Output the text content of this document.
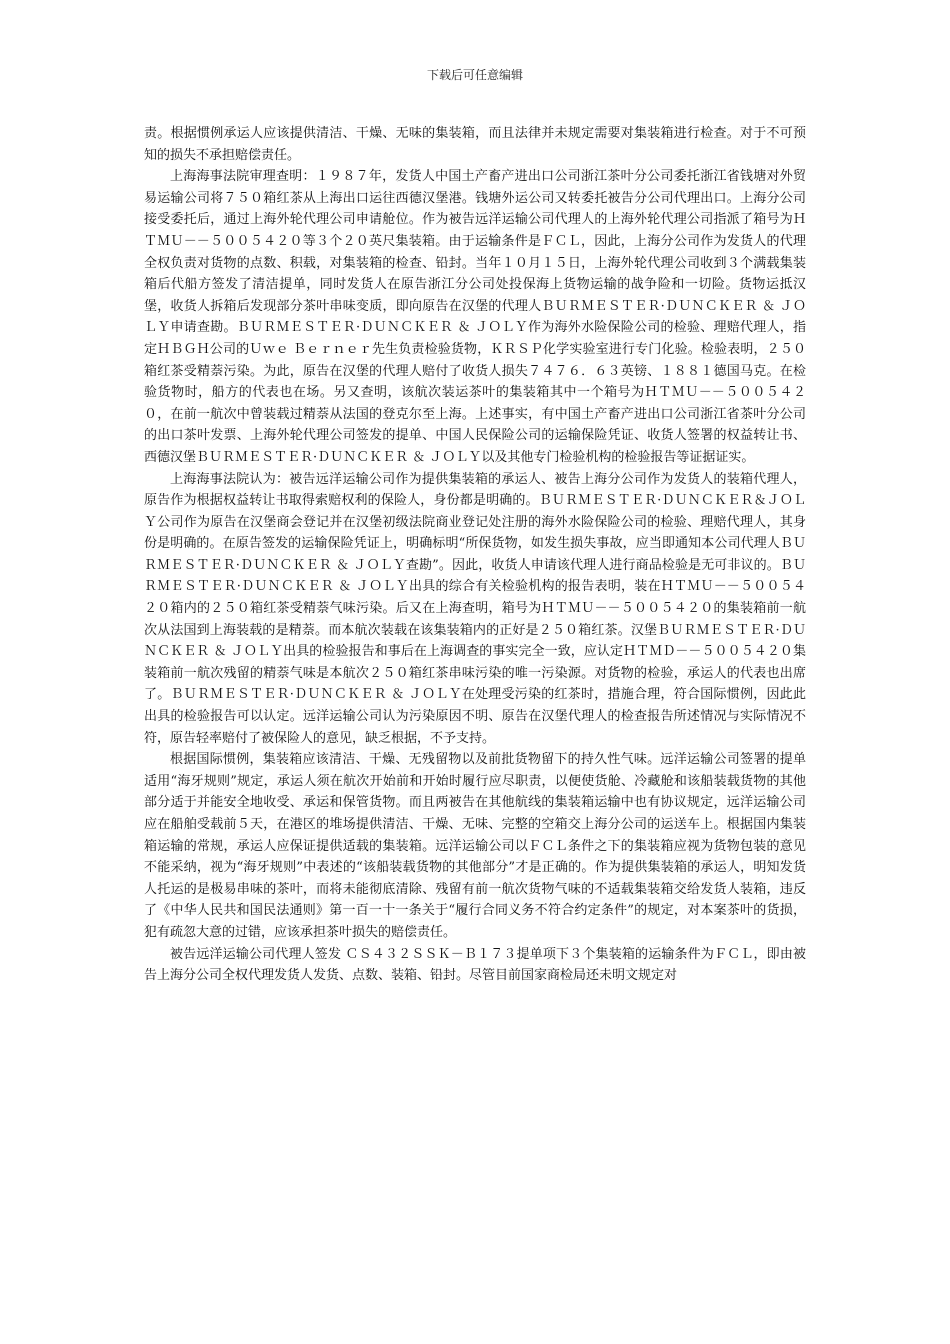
下载后可任意编辑

责。根据惯例承运人应该提供清洁、干燥、无味的集装箱，而且法律并未规定需要对集装箱进行检查。对于不可预知的损失不承担赔偿责任。

上海海事法院审理查明：１９８７年，发货人中国土产畜产进出口公司浙江茶叶分公司委托浙江省钱塘对外贸易运输公司将７５０箱红茶从上海出口运往西德汉堡港。钱塘外运公司又转委托被告分公司代理出口。上海分公司接受委托后，通过上海外轮代理公司申请舱位。作为被告远洋运输公司代理人的上海外轮代理公司指派了箱号为ＨＴＭＵ－－５００５４２０等３个２０英尺集装箱。由于运输条件是ＦＣＬ，因此，上海分公司作为发货人的代理全权负责对货物的点数、积载，对集装箱的检查、铅封。当年１０月１５日，上海外轮代理公司收到３个满载集装箱后代船方签发了清洁提单，同时发货人在原告浙江分公司处投保海上货物运输的战争险和一切险。货物运抵汉堡，收货人拆箱后发现部分茶叶串味变质，即向原告在汉堡的代理人ＢＵＲＭＥＳＴＥＲ·ＤＵＮＣＫＥＲ ＆ ＪＯＬＹ申请查勘。ＢＵＲＭＥＳＴＥＲ·ＤＵＮＣＫＥＲ ＆ ＪＯＬＹ作为海外水险保险公司的检验、理赔代理人，指定ＨＢＧＨ公司的Ｕｗｅ Ｂｅｒｎｅｒ先生负责检验货物，ＫＲＳＰ化学实验室进行专门化验。检验表明，２５０箱红茶受精萘污染。为此，原告在汉堡的代理人赔付了收货人损失７４７６．６３英镑、１８８１德国马克。在检验货物时，船方的代表也在场。另又查明，该航次装运茶叶的集装箱其中一个箱号为ＨＴＭＵ－－５００５４２０，在前一航次中曾装载过精萘从法国的登克尔至上海。上述事实，有中国土产畜产进出口公司浙江省茶叶分公司的出口茶叶发票、上海外轮代理公司签发的提单、中国人民保险公司的运输保险凭证、收货人签署的权益转让书、西德汉堡ＢＵＲＭＥＳＴＥＲ·ＤＵＮＣＫＥＲ ＆ ＪＯＬＹ以及其他专门检验机构的检验报告等证据证实。

上海海事法院认为：被告远洋运输公司作为提供集装箱的承运人、被告上海分公司作为发货人的装箱代理人，原告作为根据权益转让书取得索赔权利的保险人，身份都是明确的。ＢＵＲＭＥＳＴＥＲ·ＤＵＮＣＫＥＲ＆ＪＯＬＹ公司作为原告在汉堡商会登记并在汉堡初级法院商业登记处注册的海外水险保险公司的检验、理赔代理人，其身份是明确的。在原告签发的运输保险凭证上，明确标明“所保货物，如发生损失事故，应当即通知本公司代理人ＢＵＲＭＥＳＴＥＲ·ＤＵＮＣＫＥＲ ＆ ＪＯＬＹ查勘”。因此，收货人申请该代理人进行商品检验是无可非议的。ＢＵＲＭＥＳＴＥＲ·ＤＵＮＣＫＥＲ ＆ ＪＯＬＹ出具的综合有关检验机构的报告表明，装在ＨＴＭＵ－－５００５４２０箱内的２５０箱红茶受精萘气味污染。后又在上海查明，箱号为ＨＴＭＵ－－５００５４２０的集装箱前一航次从法国到上海装载的是精萘。而本航次装载在该集装箱内的正好是２５０箱红茶。汉堡ＢＵＲＭＥＳＴＥＲ·ＤＵＮＣＫＥＲ ＆ ＪＯＬＹ出具的检验报告和事后在上海调查的事实完全一致，应认定ＨＴＭＤ－－５００５４２０集装箱前一航次残留的精萘气味是本航次２５０箱红茶串味污染的唯一污染源。对货物的检验，承运人的代表也出席了。ＢＵＲＭＥＳＴＥＲ·ＤＵＮＣＫＥＲ ＆ ＪＯＬＹ在处理受污染的红茶时，措施合理，符合国际惯例，因此此出具的检验报告可以认定。远洋运输公司认为污染原因不明、原告在汉堡代理人的检查报告所述情况与实际情况不符，原告轻率赔付了被保险人的意见，缺乏根据，不予支持。

根据国际惯例，集装箱应该清洁、干燥、无残留物以及前批货物留下的持久性气味。远洋运输公司签署的提单适用“海牙规则”规定，承运人须在航次开始前和开始时履行应尽职责，以便使货舱、冷藏舱和该船装载货物的其他部分适于并能安全地收受、承运和保管货物。而且两被告在其他航线的集装箱运输中也有协议规定，远洋运输公司应在船舶受载前５天，在港区的堆场提供清洁、干燥、无味、完整的空箱交上海分公司的运送车上。根据国内集装箱运输的常规，承运人应保证提供适载的集装箱。远洋运输公司以ＦＣＬ条件之下的集装箱应视为货物包装的意见不能采纳，视为“海牙规则”中表述的“该船装载货物的其他部分”才是正确的。作为提供集装箱的承运人，明知发货人托运的是极易串味的茶叶，而将未能彻底清除、残留有前一航次货物气味的不适载集装箱交给发货人装箱，违反了《中华人民共和国民法通则》第一百一十一条关于“履行合同义务不符合约定条件”的规定，对本案茶叶的货损，犯有疏忽大意的过错，应该承担茶叶损失的赔偿责任。

被告远洋运输公司代理人签发 ＣＳ４３２ＳＳＫ－Ｂ１７３提单项下３个集装箱的运输条件为ＦＣＬ，即由被告上海分公司全权代理发货人发货、点数、装箱、铅封。尽管目前国家商检局还未明文规定对
